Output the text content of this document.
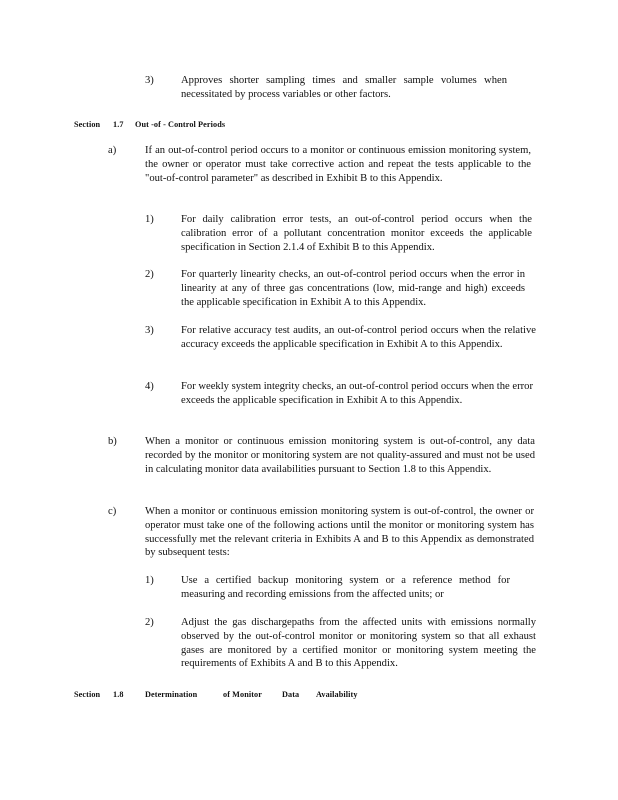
3)	Approves shorter sampling times and smaller sample volumes when necessitated by process variables or other factors.
Section 1.7 Out -of - Control Periods
a)	If an out-of-control period occurs to a monitor or continuous emission monitoring system, the owner or operator must take corrective action and repeat the tests applicable to the "out-of-control parameter" as described in Exhibit B to this Appendix.
1)	For daily calibration error tests, an out-of-control period occurs when the calibration error of a pollutant concentration monitor exceeds the applicable specification in Section 2.1.4 of Exhibit B to this Appendix.
2)	For quarterly linearity checks, an out-of-control period occurs when the error in linearity at any of three gas concentrations (low, mid-range and high) exceeds the applicable specification in Exhibit A to this Appendix.
3)	For relative accuracy test audits, an out-of-control period occurs when the relative accuracy exceeds the applicable specification in Exhibit A to this Appendix.
4)	For weekly system integrity checks, an out-of-control period occurs when the error exceeds the applicable specification in Exhibit A to this Appendix.
b)	When a monitor or continuous emission monitoring system is out-of-control, any data recorded by the monitor or monitoring system are not quality-assured and must not be used in calculating monitor data availabilities pursuant to Section 1.8 to this Appendix.
c)	When a monitor or continuous emission monitoring system is out-of-control, the owner or operator must take one of the following actions until the monitor or monitoring system has successfully met the relevant criteria in Exhibits A and B to this Appendix as demonstrated by subsequent tests:
1)	Use a certified backup monitoring system or a reference method for measuring and recording emissions from the affected units; or
2)	Adjust the gas dischargepaths from the affected units with emissions normally observed by the out-of-control monitor or monitoring system so that all exhaust gases are monitored by a certified monitor or monitoring system meeting the requirements of Exhibits A and B to this Appendix.
Section 1.8	Determination	of Monitor Data Availability
